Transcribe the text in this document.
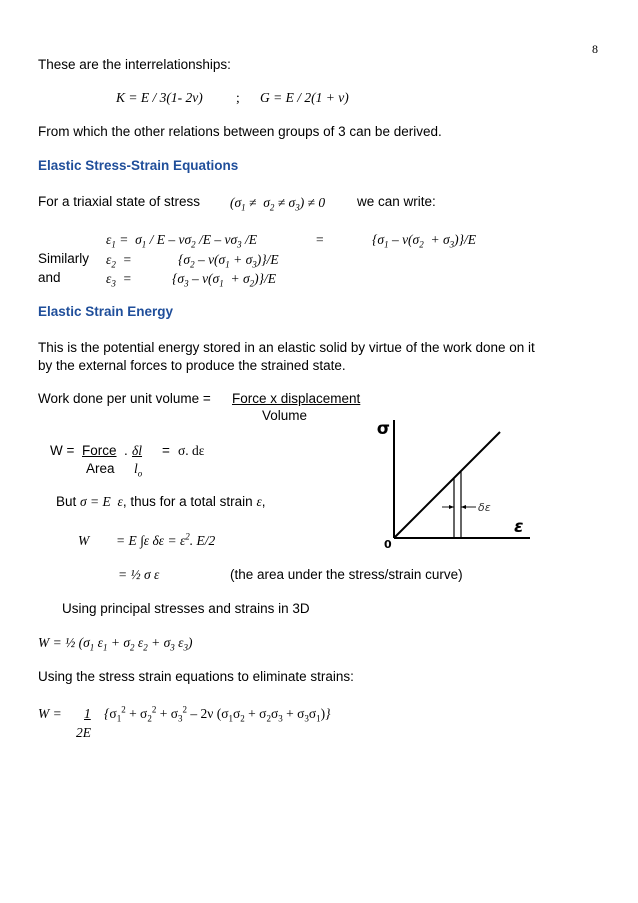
8
These are the interrelationships:
K = E / 3(1- 2ν) ; G = E / 2(1 + ν)
From which the other relations between groups of 3 can be derived.
Elastic Stress-Strain Equations
For a triaxial state of stress $(\sigma_1 \ne \sigma_2 \ne \sigma_3) \ne 0$ we can write:
$\varepsilon_1 = \sigma_1 / E - \nu\sigma_2$ $/E - \nu\sigma_3$ /E	=	$\{\sigma_1 - \nu(\sigma_2 + \sigma_3)\}/E$
Similarly $\varepsilon_2$  =	$\{\sigma_2 - \nu(\sigma_1 + \sigma_3)\}/E$
and	$\varepsilon_3$  =	$\{\sigma_3 - \nu(\sigma_1 + \sigma_2)\}/E$
Elastic Strain Energy
This is the potential energy stored in an elastic solid by virtue of the work done on it
by the external forces to produce the strained state.
Work done per unit volume = Force x displacement
Volume
W = Force . δl = σ. dε
Area $l_o$
But σ = E  ε, thus for a total strain ε,
W = E ∫ε $\delta\varepsilon = \varepsilon^2$. E/2
= ½ σ ε	(the area under the stress/strain curve)
Using principal stresses and strains in 3D
W = ½ ($\sigma_1$ $\varepsilon_1 + \sigma_2$ $\varepsilon_2 + \sigma_3$ $\varepsilon_3$)
Using the stress strain equations to eliminate strains:
W = 1
2E
{$\sigma_1^2 + \sigma_2^2 + \sigma_3^2 - 2\nu$ $(\sigma_1\sigma_2 + \sigma_2\sigma_3 + \sigma_3\sigma_1)$}
σ
ε
0
δε
